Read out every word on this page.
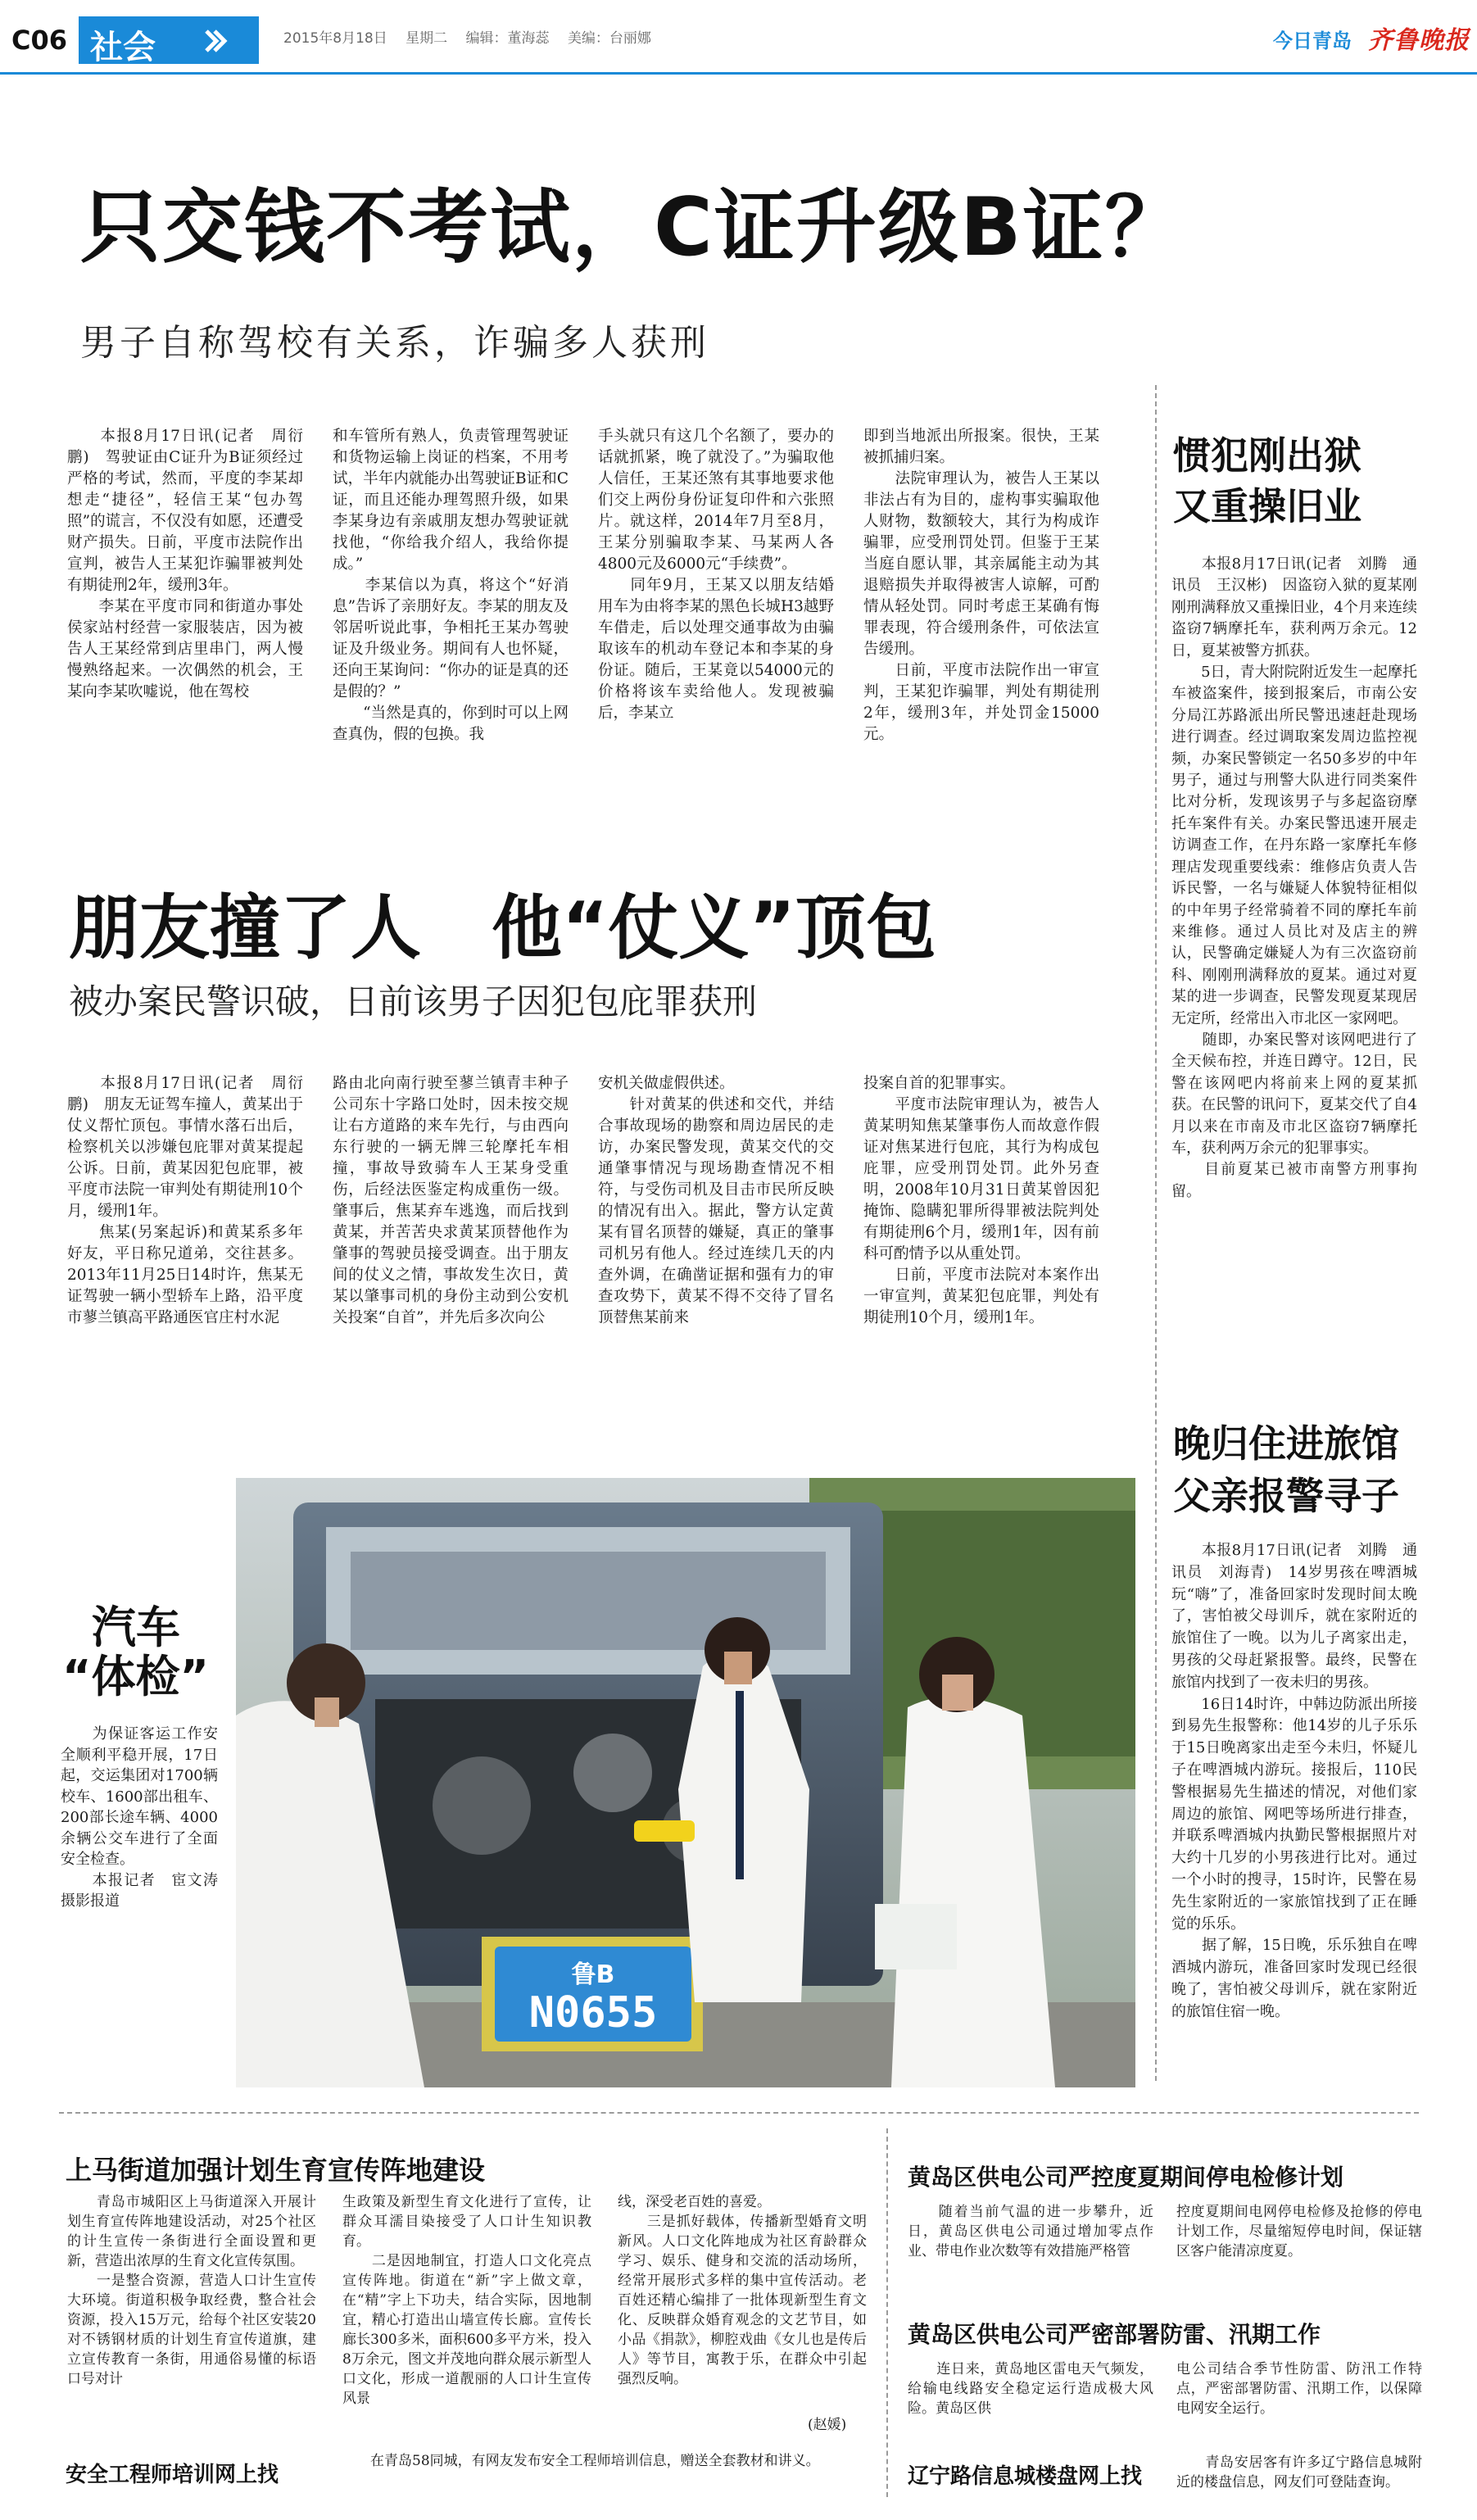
C06 社会	2015年8月18日　 星期二　 编辑：董海蕊　 美编：台丽娜	今日青岛 齐鲁晚报
只交钱不考试，C证升级B证？
男子自称驾校有关系，诈骗多人获刑
　　本报8月17日讯(记者　周衍鹏)　驾驶证由C证升为B证须经过严格的考试，然而，平度的李某却想走“捷径”，轻信王某“包办驾照”的谎言，不仅没有如愿，还遭受财产损失。日前，平度市法院作出宣判，被告人王某犯诈骗罪被判处有期徒刑2年，缓刑3年。
　　李某在平度市同和街道办事处侯家站村经营一家服装店，因为被告人王某经常到店里串门，两人慢慢熟络起来。一次偶然的机会，王某向李某吹嘘说，他在驾校
和车管所有熟人，负责管理驾驶证和货物运输上岗证的档案，不用考试，半年内就能办出驾驶证B证和C证，而且还能办理驾照升级，如果李某身边有亲戚朋友想办驾驶证就找他，“你给我介绍人，我给你提成。”
　　李某信以为真，将这个“好消息”告诉了亲朋好友。李某的朋友及邻居听说此事，争相托王某办驾驶证及升级业务。期间有人也怀疑，还向王某询问：“你办的证是真的还是假的？”
　　“当然是真的，你到时可以上网查真伪，假的包换。我
手头就只有这几个名额了，要办的话就抓紧，晚了就没了。”为骗取他人信任，王某还煞有其事地要求他们交上两份身份证复印件和六张照片。就这样，2014年7月至8月，王某分别骗取李某、马某两人各4800元及6000元“手续费”。
　　同年9月，王某又以朋友结婚用车为由将李某的黑色长城H3越野车借走，后以处理交通事故为由骗取该车的机动车登记本和李某的身份证。随后，王某竟以54000元的价格将该车卖给他人。发现被骗后，李某立
即到当地派出所报案。很快，王某被抓捕归案。
　　法院审理认为，被告人王某以非法占有为目的，虚构事实骗取他人财物，数额较大，其行为构成诈骗罪，应受刑罚处罚。但鉴于王某当庭自愿认罪，其亲属能主动为其退赔损失并取得被害人谅解，可酌情从轻处罚。同时考虑王某确有悔罪表现，符合缓刑条件，可依法宣告缓刑。
　　日前，平度市法院作出一审宣判，王某犯诈骗罪，判处有期徒刑2年，缓刑3年，并处罚金15000元。
朋友撞了人　他“仗义”顶包
被办案民警识破，日前该男子因犯包庇罪获刑
　　本报8月17日讯(记者　周衍鹏)　朋友无证驾车撞人，黄某出于仗义帮忙顶包。事情水落石出后，检察机关以涉嫌包庇罪对黄某提起公诉。日前，黄某因犯包庇罪，被平度市法院一审判处有期徒刑10个月，缓刑1年。
　　焦某(另案起诉)和黄某系多年好友，平日称兄道弟，交往甚多。2013年11月25日14时许，焦某无证驾驶一辆小型轿车上路，沿平度市蓼兰镇高平路通医官庄村水泥
路由北向南行驶至蓼兰镇青丰种子公司东十字路口处时，因未按交规让右方道路的来车先行，与由西向东行驶的一辆无牌三轮摩托车相撞，事故导致骑车人王某身受重伤，后经法医鉴定构成重伤一级。肇事后，焦某弃车逃逸，而后找到黄某，并苦苦央求黄某顶替他作为肇事的驾驶员接受调查。出于朋友间的仗义之情，事故发生次日，黄某以肇事司机的身份主动到公安机关投案“自首”，并先后多次向公
安机关做虚假供述。
　　针对黄某的供述和交代，并结合事故现场的勘察和周边居民的走访，办案民警发现，黄某交代的交通肇事情况与现场勘查情况不相符，与受伤司机及目击市民所反映的情况有出入。据此，警方认定黄某有冒名顶替的嫌疑，真正的肇事司机另有他人。经过连续几天的内查外调，在确凿证据和强有力的审查攻势下，黄某不得不交待了冒名顶替焦某前来
投案自首的犯罪事实。
　　平度市法院审理认为，被告人黄某明知焦某肇事伤人而故意作假证对焦某进行包庇，其行为构成包庇罪，应受刑罚处罚。此外另查明，2008年10月31日黄某曾因犯掩饰、隐瞒犯罪所得罪被法院判处有期徒刑6个月，缓刑1年，因有前科可酌情予以从重处罚。
　　日前，平度市法院对本案作出一审宣判，黄某犯包庇罪，判处有期徒刑10个月，缓刑1年。
惯犯刚出狱
又重操旧业
　　本报8月17日讯(记者　刘腾　通讯员　王汉彬)　因盗窃入狱的夏某刚刚刑满释放又重操旧业，4个月来连续盗窃7辆摩托车，获利两万余元。12日，夏某被警方抓获。
　　5日，青大附院附近发生一起摩托车被盗案件，接到报案后，市南公安分局江苏路派出所民警迅速赶赴现场进行调查。经过调取案发周边监控视频，办案民警锁定一名50多岁的中年男子，通过与刑警大队进行同类案件比对分析，发现该男子与多起盗窃摩托车案件有关。办案民警迅速开展走访调查工作，在丹东路一家摩托车修理店发现重要线索：维修店负责人告诉民警，一名与嫌疑人体貌特征相似的中年男子经常骑着不同的摩托车前来维修。通过人员比对及店主的辨认，民警确定嫌疑人为有三次盗窃前科、刚刚刑满释放的夏某。通过对夏某的进一步调查，民警发现夏某现居无定所，经常出入市北区一家网吧。
　　随即，办案民警对该网吧进行了全天候布控，并连日蹲守。12日，民警在该网吧内将前来上网的夏某抓获。在民警的讯问下，夏某交代了自4月以来在市南及市北区盗窃7辆摩托车，获利两万余元的犯罪事实。
　　目前夏某已被市南警方刑事拘留。
晚归住进旅馆
父亲报警寻子
　　本报8月17日讯(记者　刘腾　通讯员　刘海青)　14岁男孩在啤酒城玩“嗨”了，准备回家时发现时间太晚了，害怕被父母训斥，就在家附近的旅馆住了一晚。以为儿子离家出走，男孩的父母赶紧报警。最终，民警在旅馆内找到了一夜未归的男孩。
　　16日14时许，中韩边防派出所接到易先生报警称：他14岁的儿子乐乐于15日晚离家出走至今未归，怀疑儿子在啤酒城内游玩。接报后，110民警根据易先生描述的情况，对他们家周边的旅馆、网吧等场所进行排查，并联系啤酒城内执勤民警根据照片对大约十几岁的小男孩进行比对。通过一个小时的搜寻，15时许，民警在易先生家附近的一家旅馆找到了正在睡觉的乐乐。
　　据了解，15日晚，乐乐独自在啤酒城内游玩，准备回家时发现已经很晚了，害怕被父母训斥，就在家附近的旅馆住宿一晚。
汽车
“体检”
　　为保证客运工作安全顺利平稳开展，17日起，交运集团对1700辆校车、1600部出租车、200部长途车辆、4000余辆公交车进行了全面安全检查。
　　本报记者　宦文涛　摄影报道
鲁B
N0655
上马街道加强计划生育宣传阵地建设
　　青岛市城阳区上马街道深入开展计划生育宣传阵地建设活动，对25个社区的计生宣传一条街进行全面设置和更新，营造出浓厚的生育文化宣传氛围。
　　一是整合资源，营造人口计生宣传大环境。街道积极争取经费，整合社会资源，投入15万元，给每个社区安装20对不锈钢材质的计划生育宣传道旗，建立宣传教育一条街，用通俗易懂的标语口号对计
生政策及新型生育文化进行了宣传，让群众耳濡目染接受了人口计生知识教育。
　　二是因地制宜，打造人口文化亮点宣传阵地。街道在“新”字上做文章，在“精”字上下功夫，结合实际，因地制宜，精心打造出山墙宣传长廊。宣传长廊长300多米，面积600多平方米，投入8万余元，图文并茂地向群众展示新型人口文化，形成一道靓丽的人口计生宣传风景
线，深受老百姓的喜爱。
　　三是抓好载体，传播新型婚育文明新风。人口文化阵地成为社区育龄群众学习、娱乐、健身和交流的活动场所，经常开展形式多样的集中宣传活动。老百姓还精心编排了一批体现新型生育文化、反映群众婚育观念的文艺节目，如小品《捐款》，柳腔戏曲《女儿也是传后人》等节目，寓教于乐，在群众中引起强烈反响。
(赵媛)
安全工程师培训网上找
　　在青岛58同城，有网友发布安全工程师培训信息，赠送全套教材和讲义。
黄岛区供电公司严控度夏期间停电检修计划
　　随着当前气温的进一步攀升，近日，黄岛区供电公司通过增加零点作业、带电作业次数等有效措施严格管
控度夏期间电网停电检修及抢修的停电计划工作，尽量缩短停电时间，保证辖区客户能清凉度夏。
黄岛区供电公司严密部署防雷、汛期工作
　　连日来，黄岛地区雷电天气频发，给输电线路安全稳定运行造成极大风险。黄岛区供
电公司结合季节性防雷、防汛工作特点，严密部署防雷、汛期工作，以保障电网安全运行。
辽宁路信息城楼盘网上找
　　青岛安居客有许多辽宁路信息城附近的楼盘信息，网友们可登陆查询。
